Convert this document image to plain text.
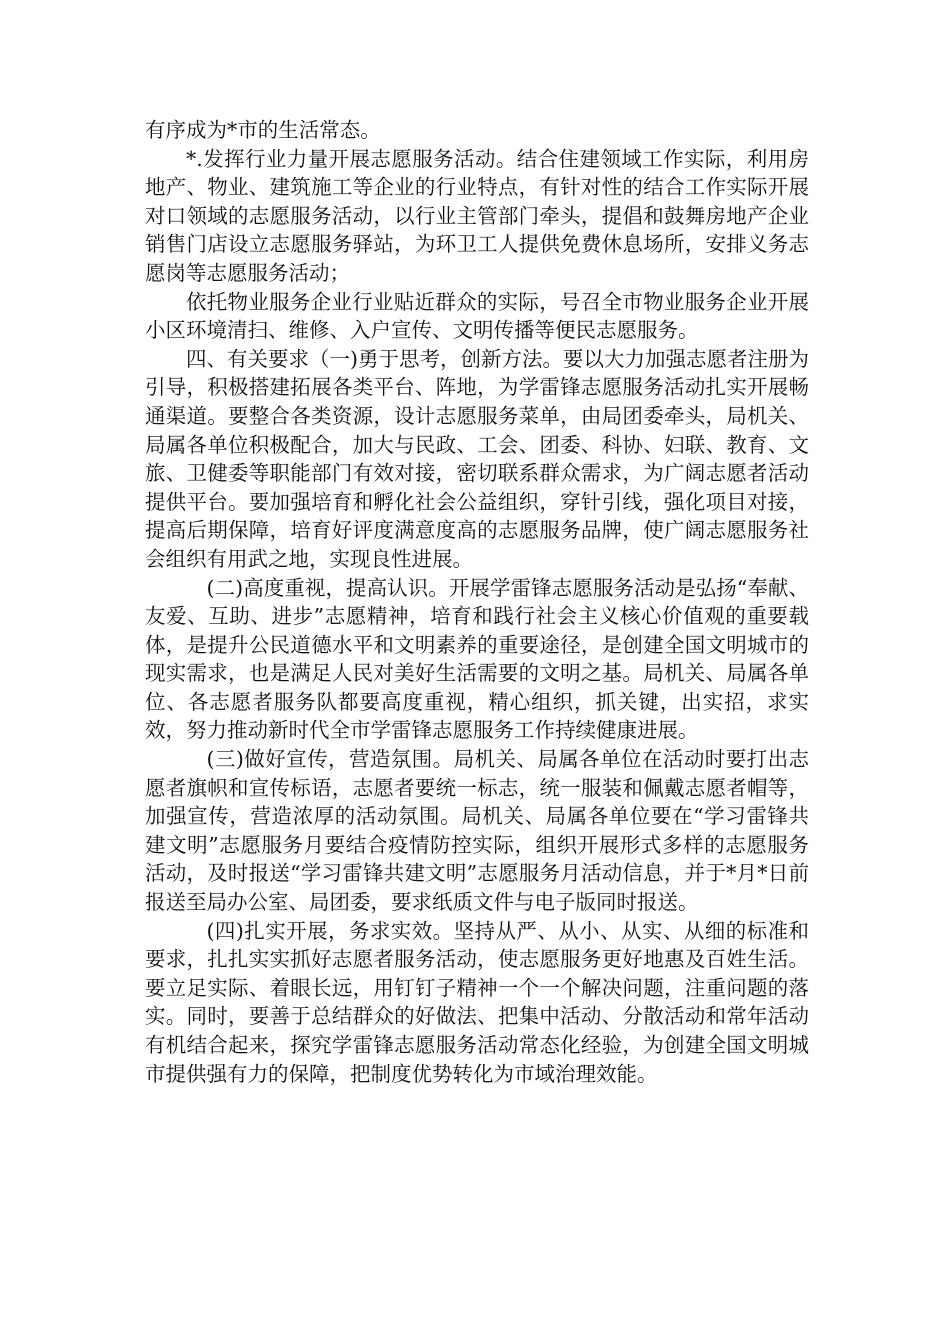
有序成为*市的生活常态。

*.发挥行业力量开展志愿服务活动。结合住建领域工作实际，利用房地产、物业、建筑施工等企业的行业特点，有针对性的结合工作实际开展对口领域的志愿服务活动，以行业主管部门牵头，提倡和鼓舞房地产企业销售门店设立志愿服务驿站，为环卫工人提供免费休息场所，安排义务志愿岗等志愿服务活动；

依托物业服务企业行业贴近群众的实际，号召全市物业服务企业开展小区环境清扫、维修、入户宣传、文明传播等便民志愿服务。

四、有关要求（一)勇于思考，创新方法。要以大力加强志愿者注册为引导，积极搭建拓展各类平台、阵地，为学雷锋志愿服务活动扎实开展畅通渠道。要整合各类资源，设计志愿服务菜单，由局团委牵头，局机关、局属各单位积极配合，加大与民政、工会、团委、科协、妇联、教育、文旅、卫健委等职能部门有效对接，密切联系群众需求，为广阔志愿者活动提供平台。要加强培育和孵化社会公益组织，穿针引线，强化项目对接，提高后期保障，培育好评度满意度高的志愿服务品牌，使广阔志愿服务社会组织有用武之地，实现良性进展。

(二)高度重视，提高认识。开展学雷锋志愿服务活动是弘扬“奉献、友爱、互助、进步”志愿精神，培育和践行社会主义核心价值观的重要载体，是提升公民道德水平和文明素养的重要途径，是创建全国文明城市的现实需求，也是满足人民对美好生活需要的文明之基。局机关、局属各单位、各志愿者服务队都要高度重视，精心组织，抓关键，出实招，求实效，努力推动新时代全市学雷锋志愿服务工作持续健康进展。

(三)做好宣传，营造氛围。局机关、局属各单位在活动时要打出志愿者旗帜和宣传标语，志愿者要统一标志，统一服装和佩戴志愿者帽等，加强宣传，营造浓厚的活动氛围。局机关、局属各单位要在“学习雷锋共建文明”志愿服务月要结合疫情防控实际，组织开展形式多样的志愿服务活动，及时报送“学习雷锋共建文明”志愿服务月活动信息，并于*月*日前报送至局办公室、局团委，要求纸质文件与电子版同时报送。

(四)扎实开展，务求实效。坚持从严、从小、从实、从细的标准和要求，扎扎实实抓好志愿者服务活动，使志愿服务更好地惠及百姓生活。要立足实际、着眼长远，用钉钉子精神一个一个解决问题，注重问题的落实。同时，要善于总结群众的好做法、把集中活动、分散活动和常年活动有机结合起来，探究学雷锋志愿服务活动常态化经验，为创建全国文明城市提供强有力的保障，把制度优势转化为市域治理效能。
